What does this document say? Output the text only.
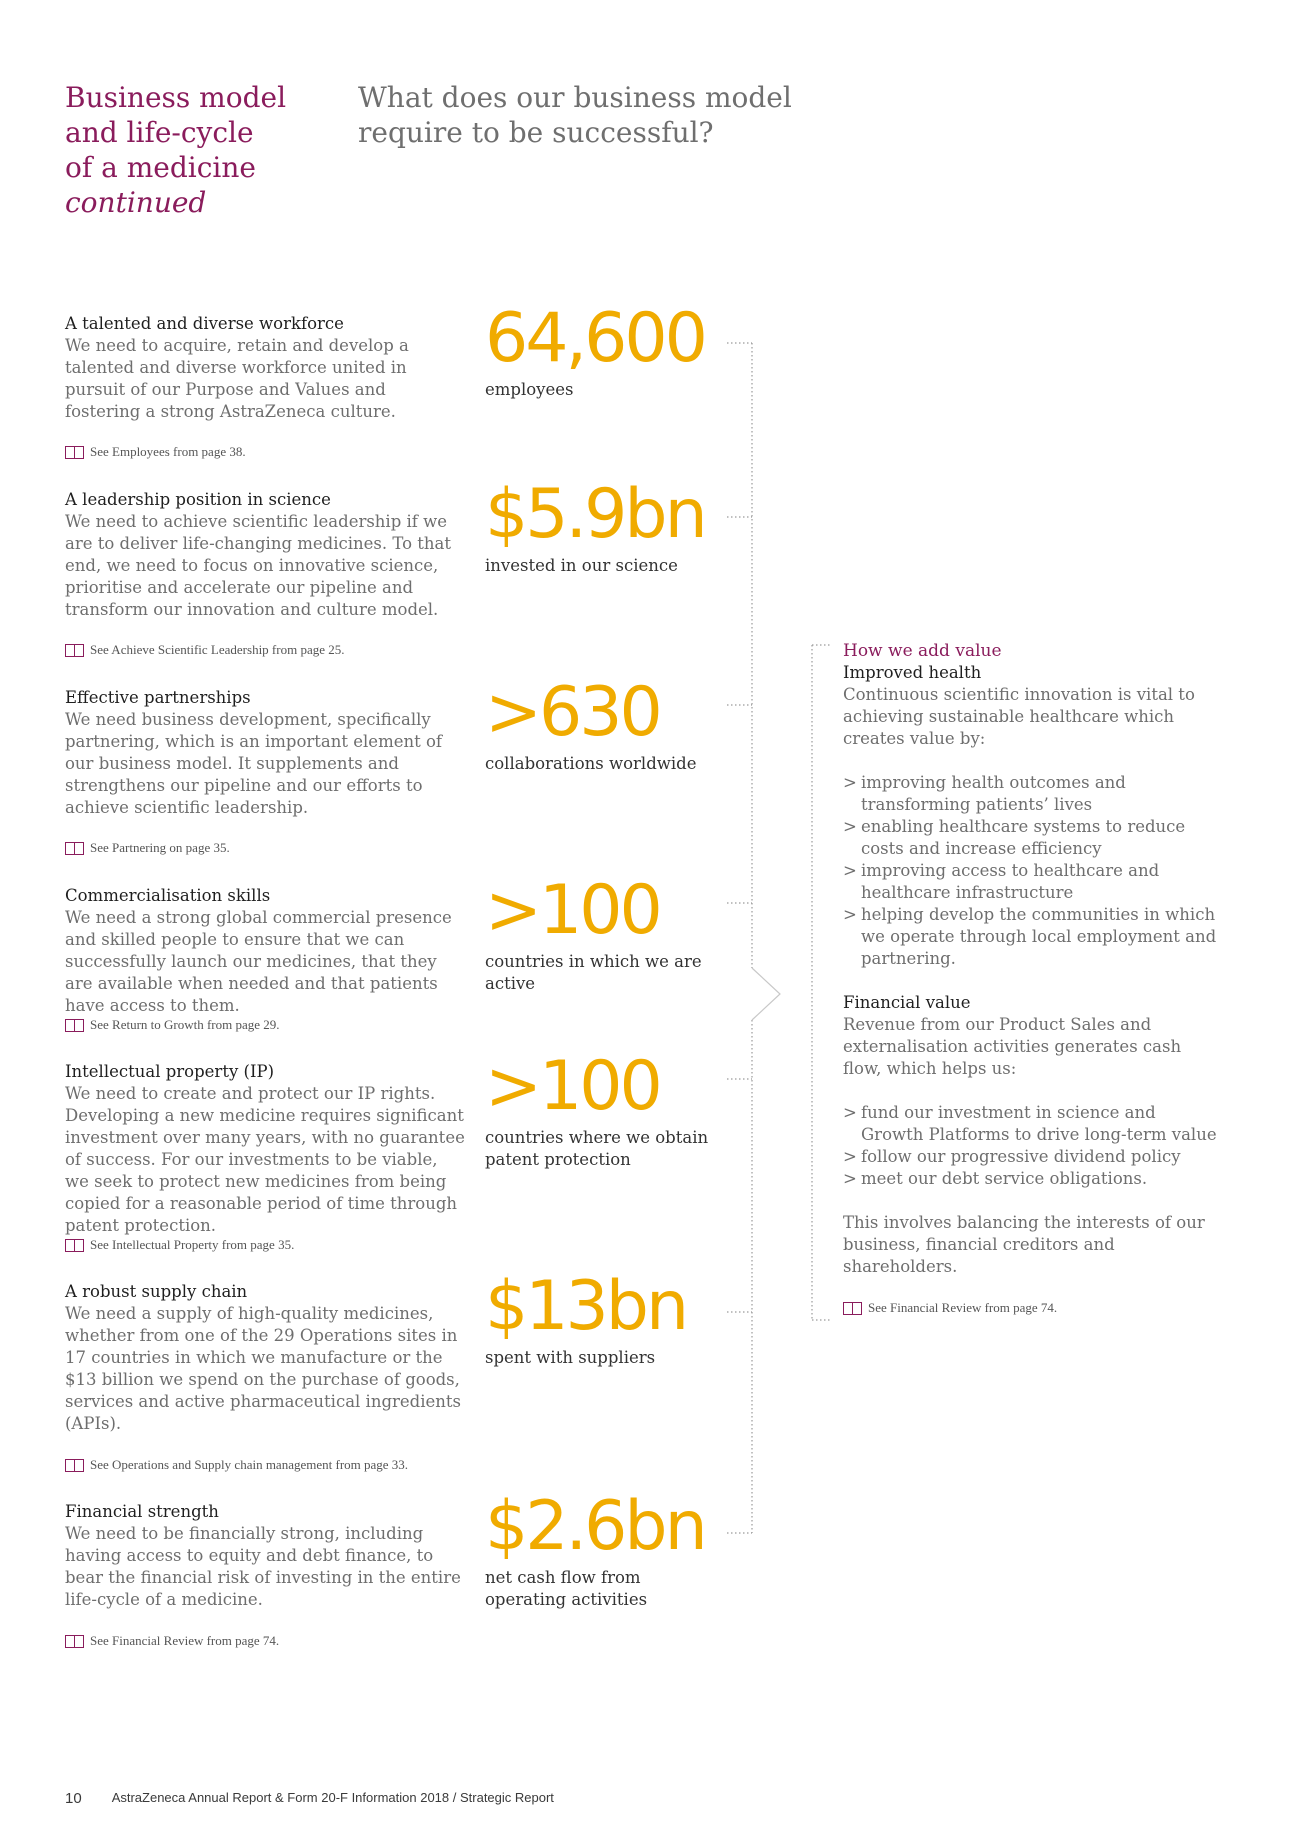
Business model
and life-cycle
of a medicine
continued
What does our business model require to be successful?
A talented and diverse workforce
We need to acquire, retain and develop a talented and diverse workforce united in pursuit of our Purpose and Values and fostering a strong AstraZeneca culture.
See Employees from page 38.
64,600
employees
A leadership position in science
We need to achieve scientific leadership if we are to deliver life-changing medicines. To that end, we need to focus on innovative science, prioritise and accelerate our pipeline and transform our innovation and culture model.
See Achieve Scientific Leadership from page 25.
$5.9bn
invested in our science
Effective partnerships
We need business development, specifically partnering, which is an important element of our business model. It supplements and strengthens our pipeline and our efforts to achieve scientific leadership.
See Partnering on page 35.
>630
collaborations worldwide
Commercialisation skills
We need a strong global commercial presence and skilled people to ensure that we can successfully launch our medicines, that they are available when needed and that patients have access to them.
See Return to Growth from page 29.
>100
countries in which we are active
Intellectual property (IP)
We need to create and protect our IP rights. Developing a new medicine requires significant investment over many years, with no guarantee of success. For our investments to be viable, we seek to protect new medicines from being copied for a reasonable period of time through patent protection.
See Intellectual Property from page 35.
>100
countries where we obtain patent protection
A robust supply chain
We need a supply of high-quality medicines, whether from one of the 29 Operations sites in 17 countries in which we manufacture or the $13 billion we spend on the purchase of goods, services and active pharmaceutical ingredients (APIs).
See Operations and Supply chain management from page 33.
$13bn
spent with suppliers
Financial strength
We need to be financially strong, including having access to equity and debt finance, to bear the financial risk of investing in the entire life-cycle of a medicine.
See Financial Review from page 74.
$2.6bn
net cash flow from operating activities
How we add value
Improved health

Continuous scientific innovation is vital to achieving sustainable healthcare which creates value by:

> improving health outcomes and transforming patients’ lives
> enabling healthcare systems to reduce costs and increase efficiency
> improving access to healthcare and healthcare infrastructure
> helping develop the communities in which we operate through local employment and partnering.
Financial value

Revenue from our Product Sales and externalisation activities generates cash flow, which helps us:

> fund our investment in science and Growth Platforms to drive long-term value
> follow our progressive dividend policy
> meet our debt service obligations.

This involves balancing the interests of our business, financial creditors and shareholders.

See Financial Review from page 74.
10 AstraZeneca Annual Report & Form 20-F Information 2018 / Strategic Report
